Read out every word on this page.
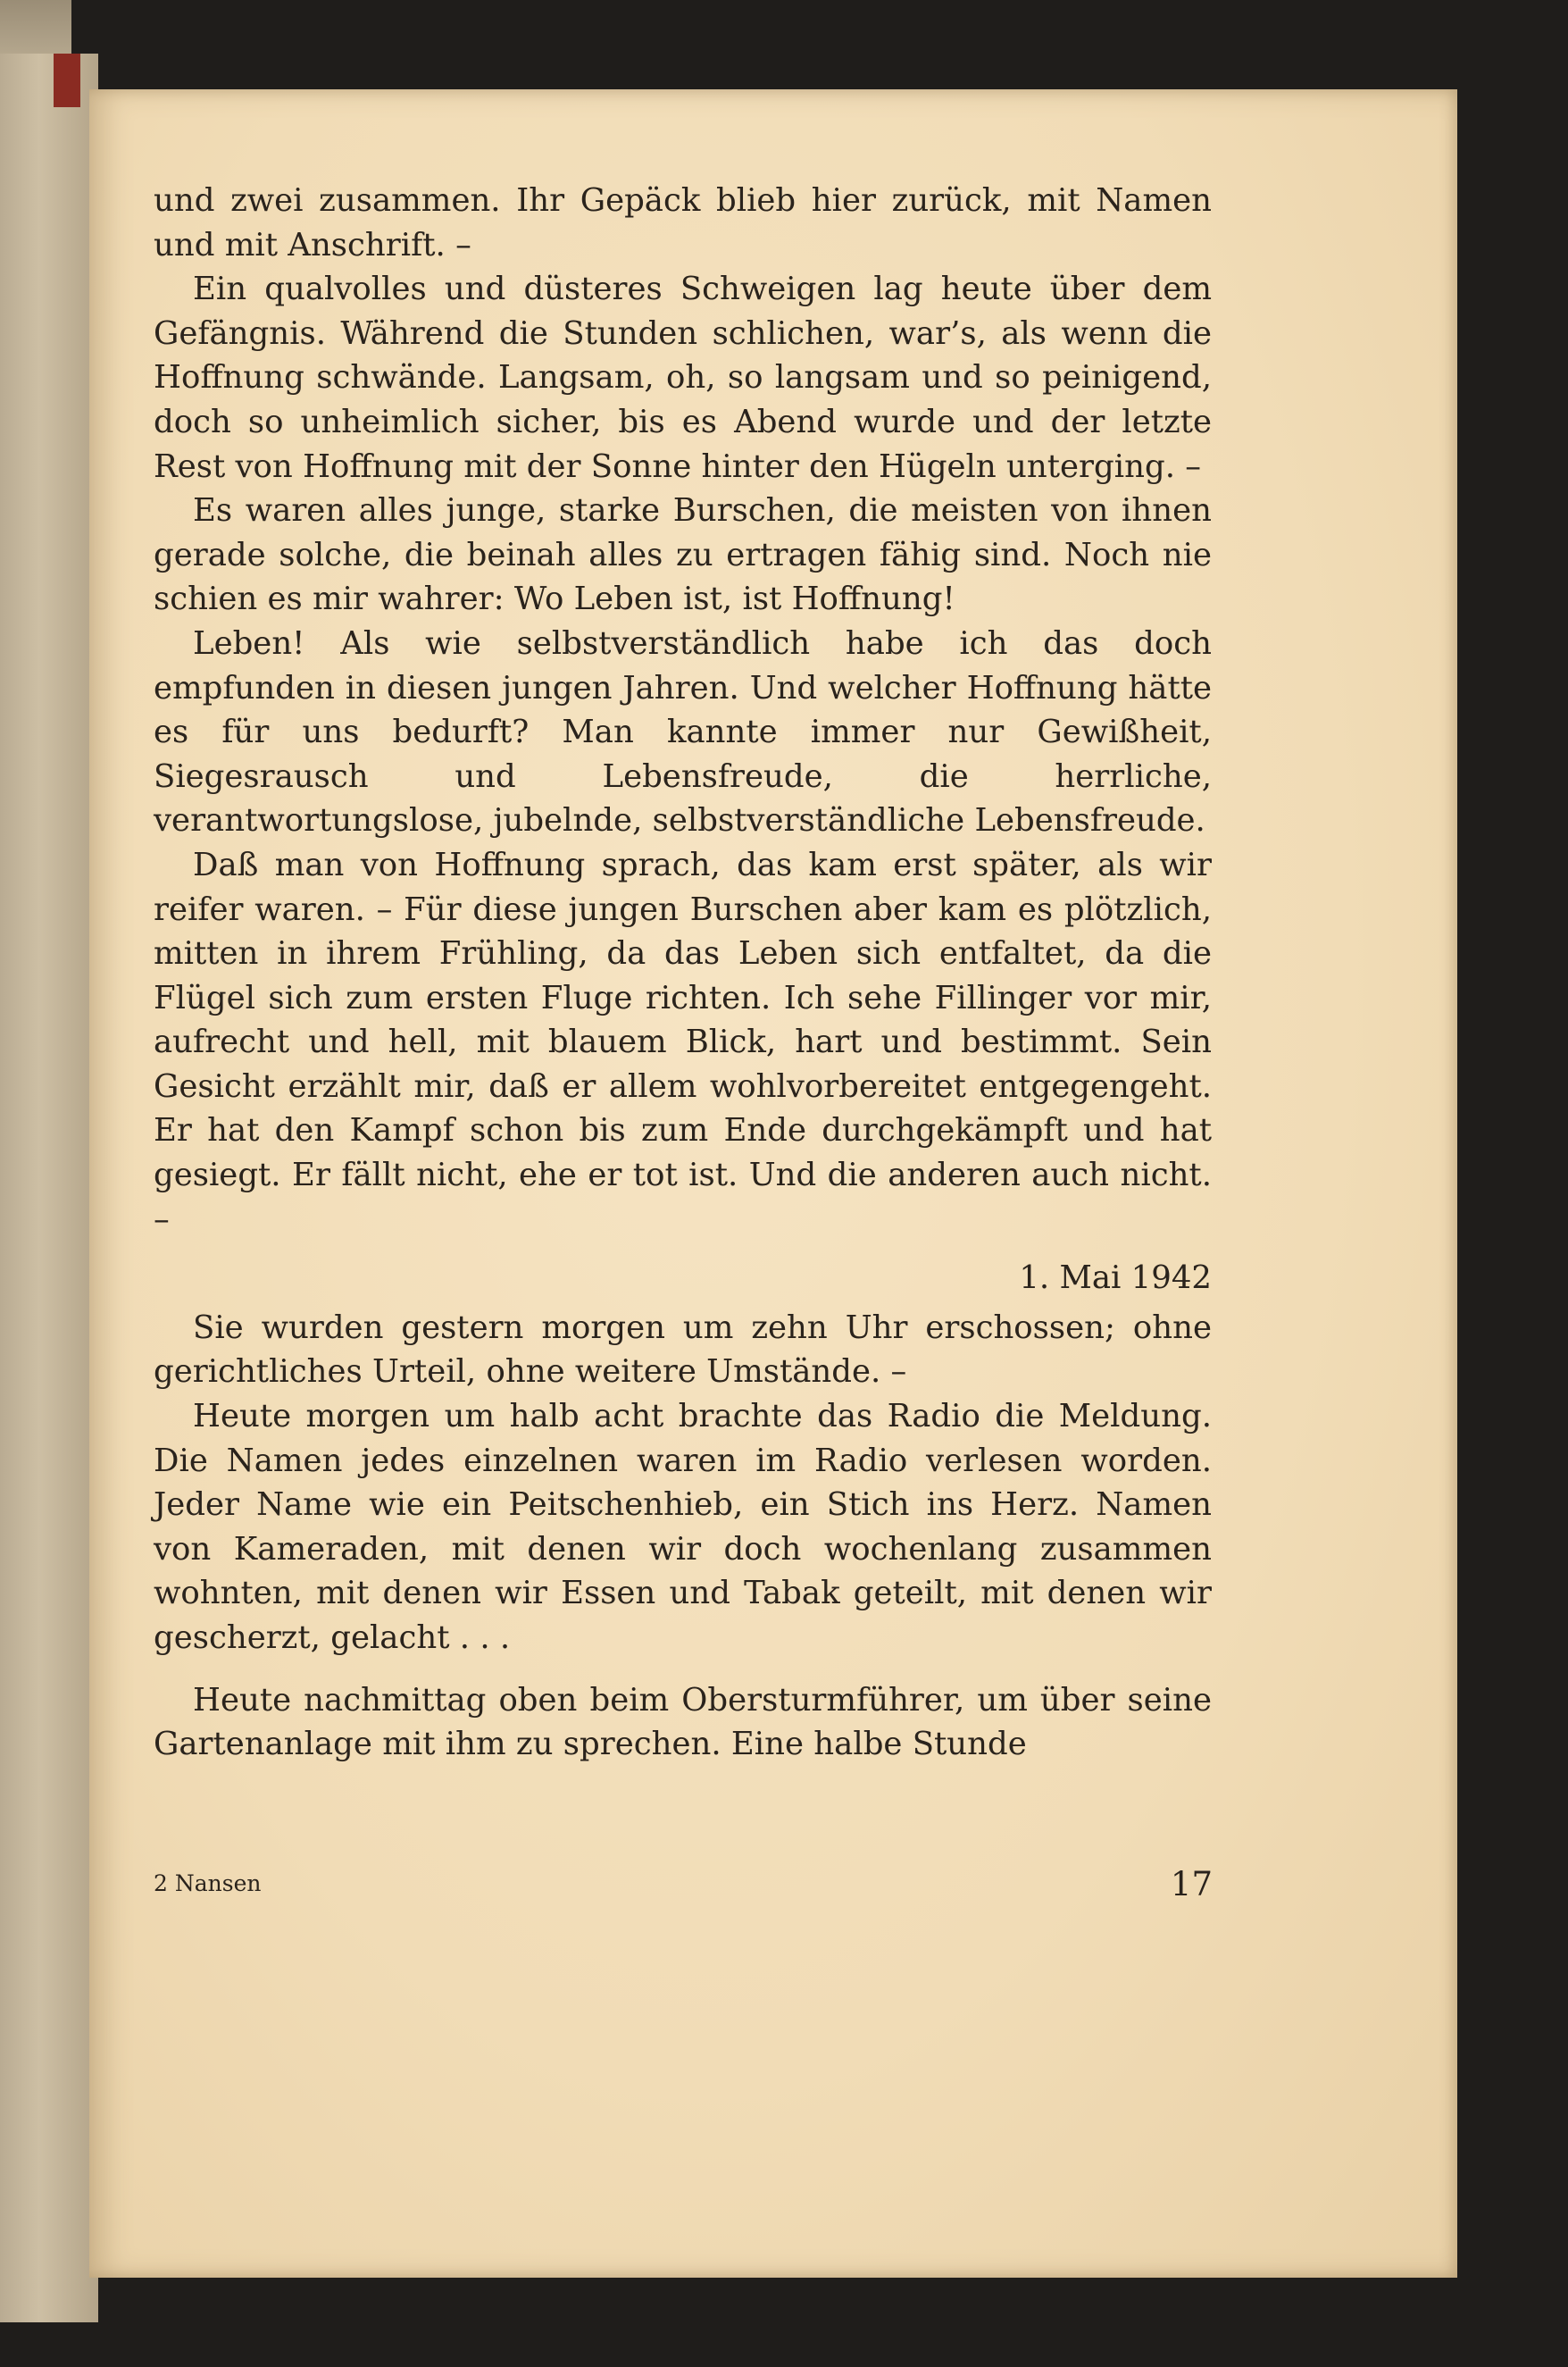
und zwei zusammen. Ihr Gepäck blieb hier zurück, mit Namen und mit Anschrift. –

Ein qualvolles und düsteres Schweigen lag heute über dem Gefängnis. Während die Stunden schlichen, war’s, als wenn die Hoffnung schwände. Langsam, oh, so langsam und so peinigend, doch so unheimlich sicher, bis es Abend wurde und der letzte Rest von Hoffnung mit der Sonne hinter den Hügeln unterging. –

Es waren alles junge, starke Burschen, die meisten von ihnen gerade solche, die beinah alles zu ertragen fähig sind. Noch nie schien es mir wahrer: Wo Leben ist, ist Hoffnung!

Leben! Als wie selbstverständlich habe ich das doch empfunden in diesen jungen Jahren. Und welcher Hoffnung hätte es für uns bedurft? Man kannte immer nur Gewißheit, Siegesrausch und Lebensfreude, die herrliche, verantwortungslose, jubelnde, selbstverständliche Lebensfreude.

Daß man von Hoffnung sprach, das kam erst später, als wir reifer waren. – Für diese jungen Burschen aber kam es plötzlich, mitten in ihrem Frühling, da das Leben sich entfaltet, da die Flügel sich zum ersten Fluge richten. Ich sehe Fillinger vor mir, aufrecht und hell, mit blauem Blick, hart und bestimmt. Sein Gesicht erzählt mir, daß er allem wohlvorbereitet entgegengeht. Er hat den Kampf schon bis zum Ende durchgekämpft und hat gesiegt. Er fällt nicht, ehe er tot ist. Und die anderen auch nicht. –

1. Mai 1942

Sie wurden gestern morgen um zehn Uhr erschossen; ohne gerichtliches Urteil, ohne weitere Umstände. –

Heute morgen um halb acht brachte das Radio die Meldung. Die Namen jedes einzelnen waren im Radio verlesen worden. Jeder Name wie ein Peitschenhieb, ein Stich ins Herz. Namen von Kameraden, mit denen wir doch wochenlang zusammen wohnten, mit denen wir Essen und Tabak geteilt, mit denen wir gescherzt, gelacht . . .

Heute nachmittag oben beim Obersturmführer, um über seine Gartenanlage mit ihm zu sprechen. Eine halbe Stunde

2 Nansen	17
